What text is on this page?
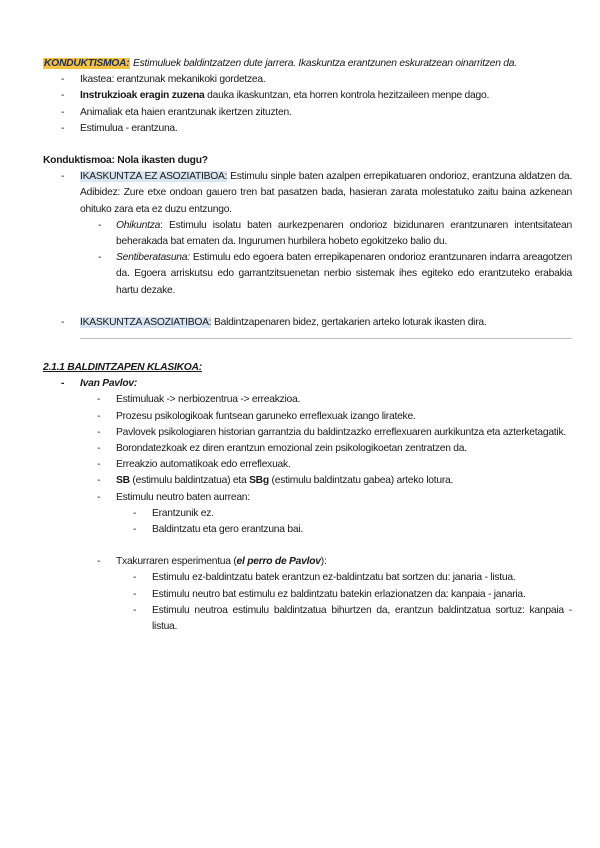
KONDUKTISMOA: Estimuluek baldintzatzen dute jarrera. Ikaskuntza erantzunen eskuratzean oinarritzen da.

- Ikastea: erantzunak mekanikoki gordetzea.
- Instrukzioak eragin zuzena dauka ikaskuntzan, eta horren kontrola hezitzaileen menpe dago.
- Animaliak eta haien erantzunak ikertzen zituzten.
- Estimulua - erantzuna.
Konduktismoa: Nola ikasten dugu?
- IKASKUNTZA EZ ASOZIATIBOA: Estimulu sinple baten azalpen errepikatuaren ondorioz, erantzuna aldatzen da. Adibidez: Zure etxe ondoan gauero tren bat pasatzen bada, hasieran zarata molestatuko zaitu baina azkenean ohituko zara eta ez duzu entzungo.
- Ohikuntza: Estimulu isolatu baten aurkezpenaren ondorioz bizidunaren erantzunaren intentsitatean beherakada bat ematen da. Ingurumen hurbilera hobeto egokitzeko balio du.
- Sentiberatasuna: Estimulu edo egoera baten errepikapenaren ondorioz erantzunaren indarra areagotzen da. Egoera arriskutsu edo garrantzitsuenetan nerbio sistemak ihes egiteko edo erantzuteko erabakia hartu dezake.
- IKASKUNTZA ASOZIATIBOA: Baldintzapenaren bidez, gertakarien arteko loturak ikasten dira.
2.1.1 BALDINTZAPEN KLASIKOA:
- Ivan Pavlov:
- Estimuluak -> nerbiozentrua -> erreakzioa.
- Prozesu psikologikoak funtsean garuneko erreflexuak izango lirateke.
- Pavlovek psikologiaren historian garrantzia du baldintzazko erreflexuaren aurkikuntza eta azterketagatik.
- Borondatezkoak ez diren erantzun emozional zein psikologikoetan zentratzen da.
- Erreakzio automatikoak edo erreflexuak.
- SB (estimulu baldintzatua) eta SBg (estimulu baldintzatu gabea) arteko lotura.
- Estimulu neutro baten aurrean:
- Erantzunik ez.
- Baldintzatu eta gero erantzuna bai.
- Txakurraren esperimentua (el perro de Pavlov):
- Estimulu ez-baldintzatu batek erantzun ez-baldintzatu bat sortzen du: janaria - listua.
- Estimulu neutro bat estimulu ez baldintzatu batekin erlazionatzen da: kanpaia - janaria.
- Estimulu neutroa estimulu baldintzatua bihurtzen da, erantzun baldintzatua sortuz: kanpaia - listua.
